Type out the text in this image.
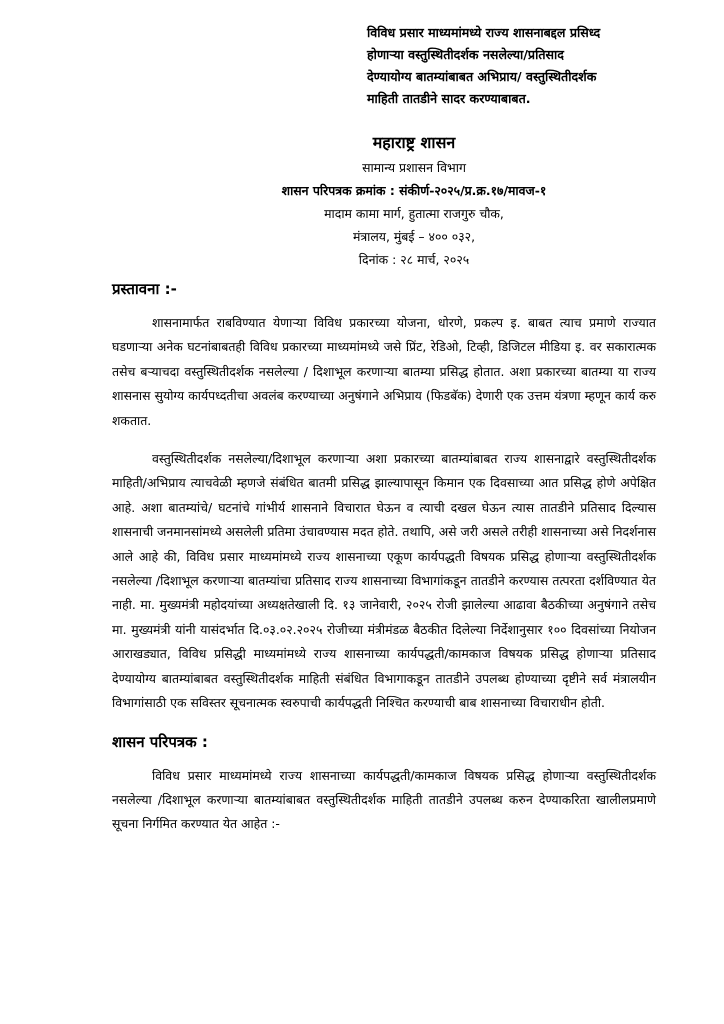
विविध प्रसार माध्यमांमध्ये राज्य शासनाबद्दल प्रसिध्द
होणाऱ्या वस्तुस्थितीदर्शक नसलेल्या/प्रतिसाद
देण्यायोग्य बातम्यांबाबत अभिप्राय/ वस्तुस्थितीदर्शक
माहिती तातडीने सादर करण्याबाबत.
महाराष्ट्र शासन
सामान्य प्रशासन विभाग
शासन परिपत्रक क्रमांक : संकीर्ण-२०२५/प्र.क्र.१७/मावज-१
मादाम कामा मार्ग, हुतात्मा राजगुरु चौक,
मंत्रालय, मुंबई – ४०० ०३२,
दिनांक : २८ मार्च, २०२५
प्रस्तावना :-

शासनामार्फत राबविण्यात येणाऱ्या विविध प्रकारच्या योजना, धोरणे, प्रकल्प इ. बाबत त्याच प्रमाणे राज्यात घडणाऱ्या अनेक घटनांबाबतही विविध प्रकारच्या माध्यमांमध्ये जसे प्रिंट, रेडिओ, टिव्ही, डिजिटल मीडिया इ. वर सकारात्मक तसेच बऱ्याचदा वस्तुस्थितीदर्शक नसलेल्या / दिशाभूल करणाऱ्या बातम्या प्रसिद्ध होतात. अशा प्रकारच्या बातम्या या राज्य शासनास सुयोग्य कार्यपध्दतीचा अवलंब करण्याच्या अनुषंगाने अभिप्राय (फिडबॅक) देणारी एक उत्तम यंत्रणा म्हणून कार्य करु शकतात.

वस्तुस्थितीदर्शक नसलेल्या/दिशाभूल करणाऱ्या अशा प्रकारच्या बातम्यांबाबत राज्य शासनाद्वारे वस्तुस्थितीदर्शक माहिती/अभिप्राय त्याचवेळी म्हणजे संबंधित बातमी प्रसिद्ध झाल्यापासून किमान एक दिवसाच्या आत प्रसिद्ध होणे अपेक्षित आहे. अशा बातम्यांचे/ घटनांचे गांभीर्य शासनाने विचारात घेऊन व त्याची दखल घेऊन त्यास तातडीने प्रतिसाद दिल्यास शासनाची जनमानसांमध्ये असलेली प्रतिमा उंचावण्यास मदत होते. तथापि, असे जरी असले तरीही शासनाच्या असे निदर्शनास आले आहे की, विविध प्रसार माध्यमांमध्ये राज्य शासनाच्या एकूण कार्यपद्धती विषयक प्रसिद्ध होणाऱ्या वस्तुस्थितीदर्शक नसलेल्या /दिशाभूल करणाऱ्या बातम्यांचा प्रतिसाद राज्य शासनाच्या विभागांकडून तातडीने करण्यास तत्परता दर्शविण्यात येत नाही. मा. मुख्यमंत्री महोदयांच्या अध्यक्षतेखाली दि. १३ जानेवारी, २०२५ रोजी झालेल्या आढावा बैठकीच्या अनुषंगाने तसेच मा. मुख्यमंत्री यांनी यासंदर्भात दि.०३.०२.२०२५ रोजीच्या मंत्रीमंडळ बैठकीत दिलेल्या निर्देशानुसार १०० दिवसांच्या नियोजन आराखड्यात, विविध प्रसिद्धी माध्यमांमध्ये राज्य शासनाच्या कार्यपद्धती/कामकाज विषयक प्रसिद्ध होणाऱ्या प्रतिसाद देण्यायोग्य बातम्यांबाबत वस्तुस्थितीदर्शक माहिती संबंधित विभागाकडून तातडीने उपलब्ध होण्याच्या दृष्टीने सर्व मंत्रालयीन विभागांसाठी एक सविस्तर सूचनात्मक स्वरुपाची कार्यपद्धती निश्चित करण्याची बाब शासनाच्या विचाराधीन होती.

शासन परिपत्रक :

विविध प्रसार माध्यमांमध्ये राज्य शासनाच्या कार्यपद्धती/कामकाज विषयक प्रसिद्ध होणाऱ्या वस्तुस्थितीदर्शक नसलेल्या /दिशाभूल करणाऱ्या बातम्यांबाबत वस्तुस्थितीदर्शक माहिती तातडीने उपलब्ध करुन देण्याकरिता खालीलप्रमाणे सूचना निर्गमित करण्यात येत आहेत :-
